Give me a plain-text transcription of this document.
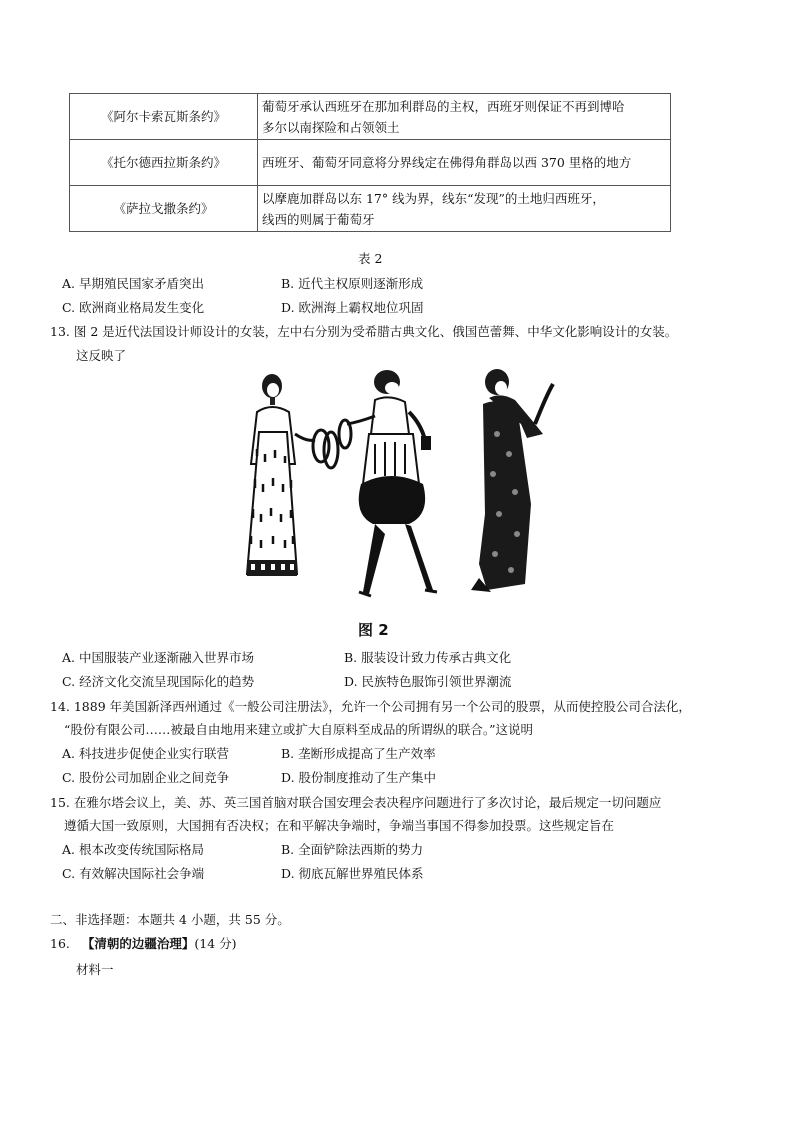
《阿尔卡索瓦斯条约》	葡萄牙承认西班牙在那加利群岛的主权，西班牙则保证不再到博哈
多尔以南探险和占领领土

《托尔德西拉斯条约》	西班牙、葡萄牙同意将分界线定在佛得角群岛以西 370 里格的地方

《萨拉戈撒条约》	以摩鹿加群岛以东 17° 线为界，线东“发现”的土地归西班牙，
线西的则属于葡萄牙
表 2
A. 早期殖民国家矛盾突出	B. 近代主权原则逐渐形成
C. 欧洲商业格局发生变化	D. 欧洲海上霸权地位巩固
13. 图 2 是近代法国设计师设计的女装，左中右分别为受希腊古典文化、俄国芭蕾舞、中华文化影响设计的女装。
这反映了
图 2
A. 中国服装产业逐渐融入世界市场	B. 服装设计致力传承古典文化
C. 经济文化交流呈现国际化的趋势	D. 民族特色服饰引领世界潮流
14. 1889 年美国新泽西州通过《一般公司注册法》，允许一个公司拥有另一个公司的股票，从而使控股公司合法化，
“股份有限公司……被最自由地用来建立或扩大自原料至成品的所谓纵的联合。”这说明
A. 科技进步促使企业实行联营	B. 垄断形成提高了生产效率
C. 股份公司加剧企业之间竞争	D. 股份制度推动了生产集中
15. 在雅尔塔会议上，美、苏、英三国首脑对联合国安理会表决程序问题进行了多次讨论，最后规定一切问题应
遵循大国一致原则，大国拥有否决权；在和平解决争端时，争端当事国不得参加投票。这些规定旨在
A. 根本改变传统国际格局	B. 全面铲除法西斯的势力
C. 有效解决国际社会争端	D. 彻底瓦解世界殖民体系
二、非选择题：本题共 4 小题，共 55 分。
16. 【清朝的边疆治理】(14 分)
材料一
